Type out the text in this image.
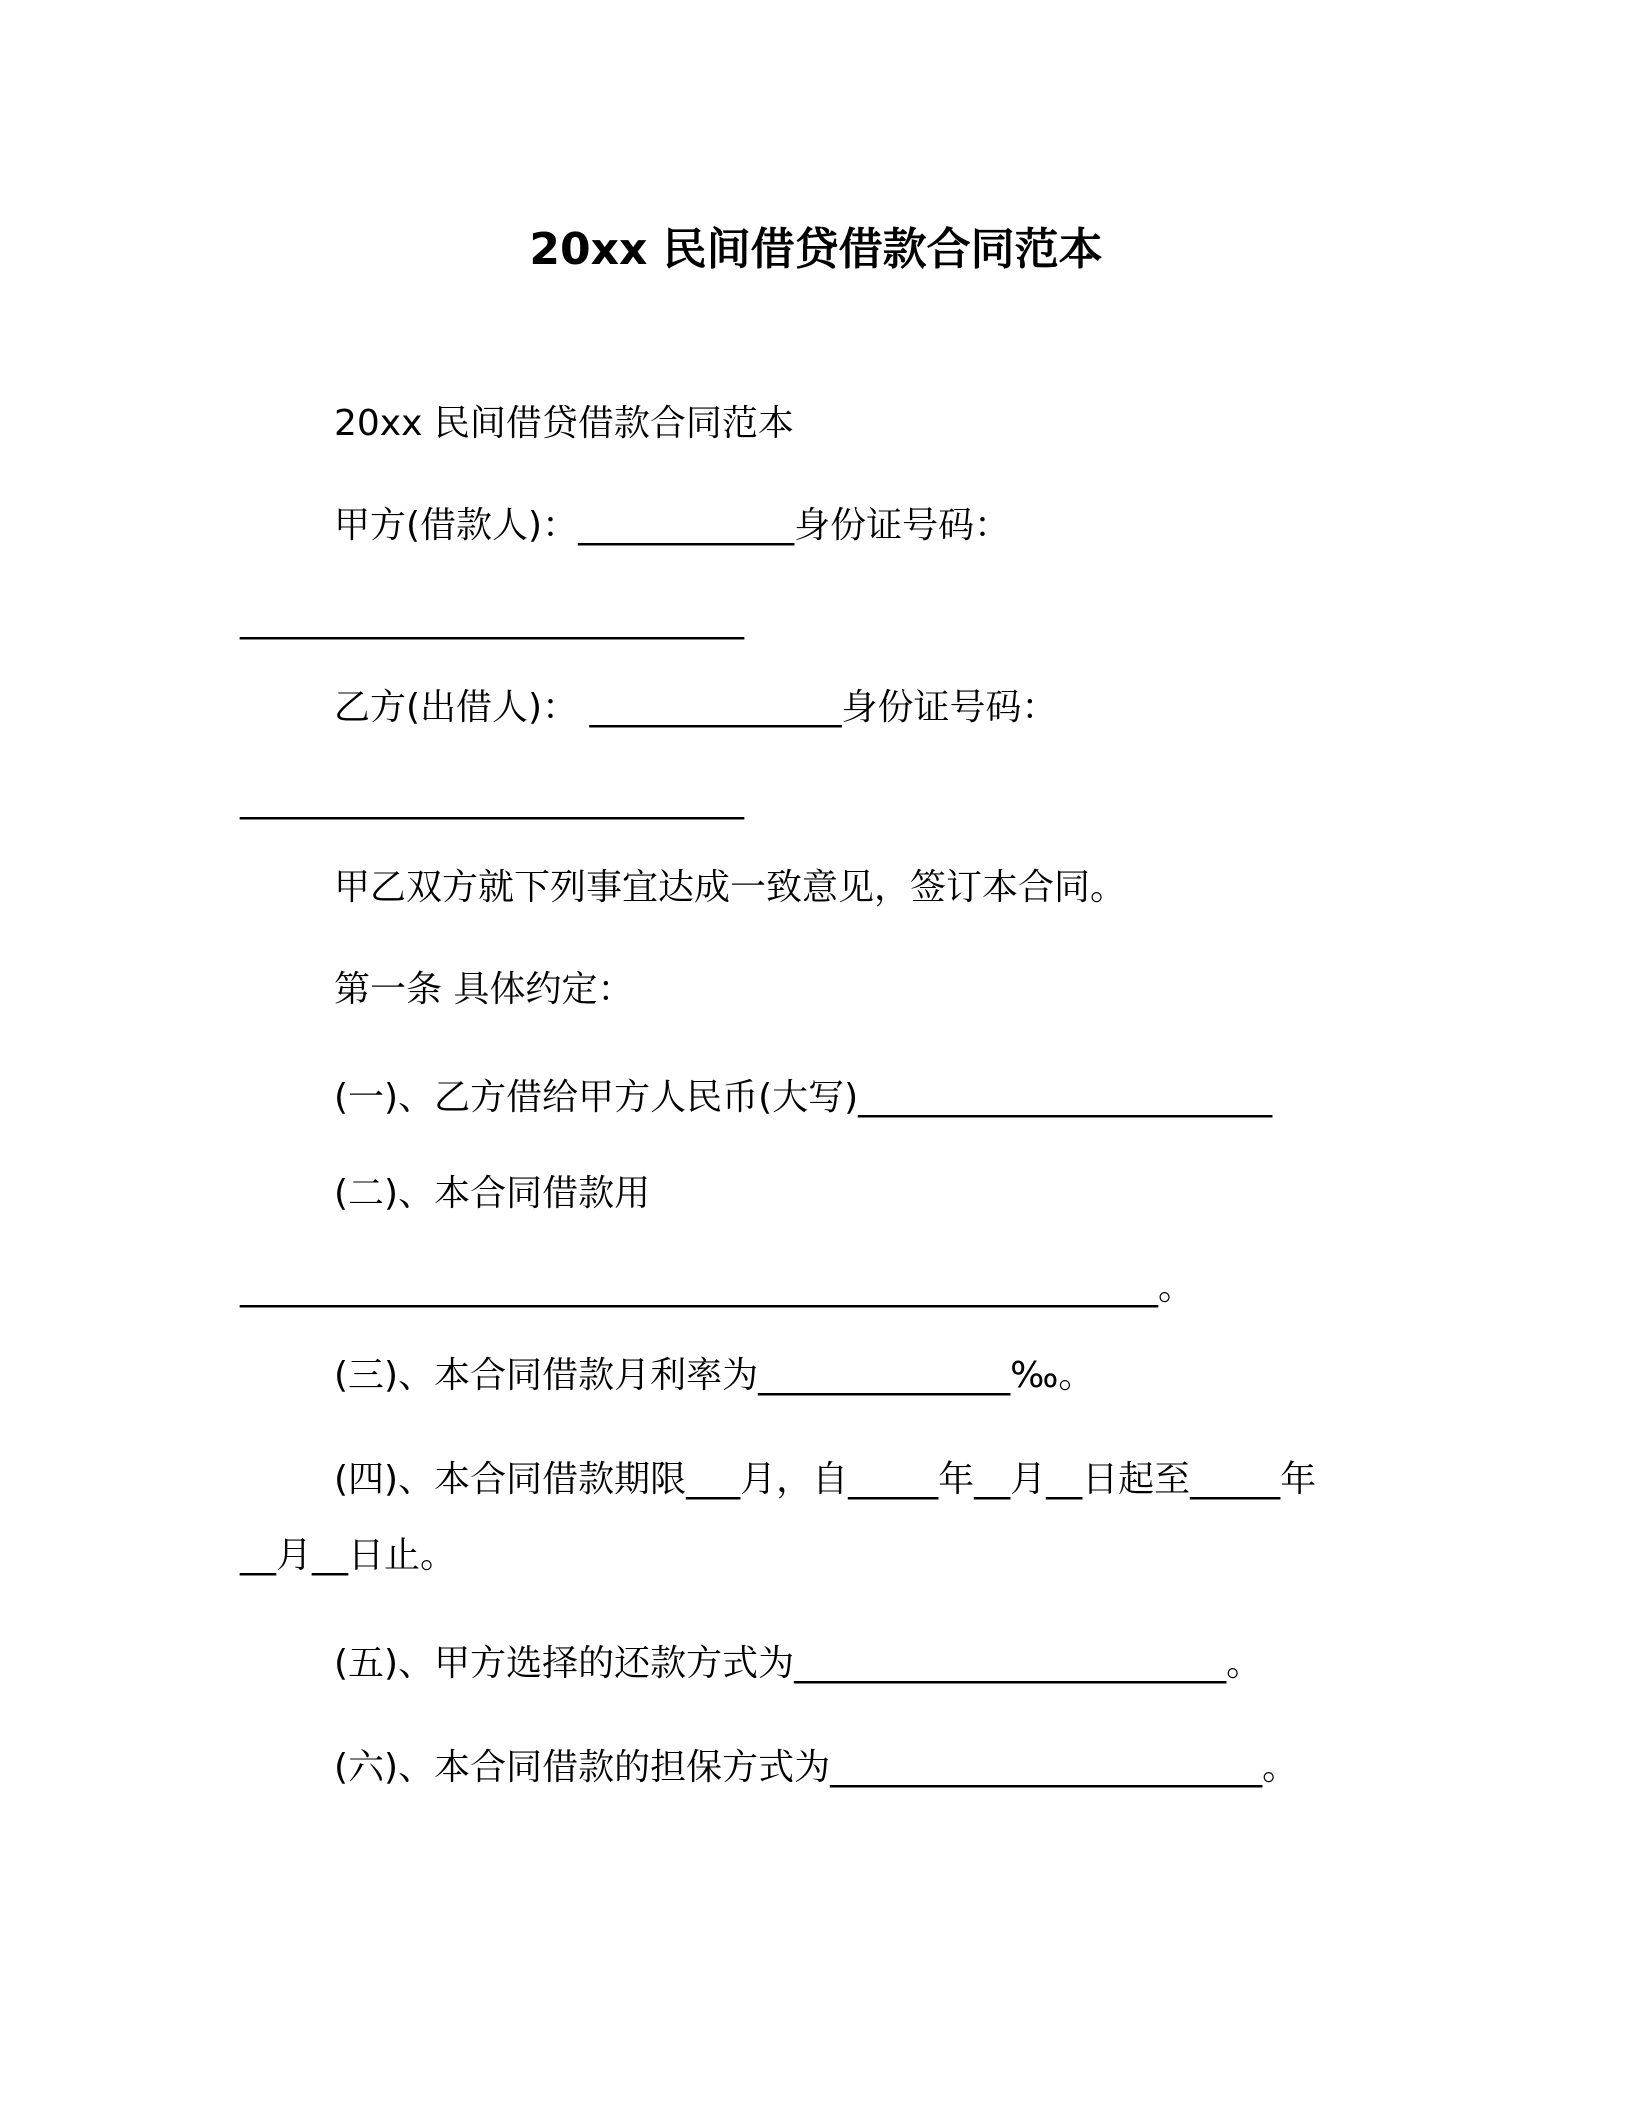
20xx 民间借贷借款合同范本
20xx 民间借贷借款合同范本
甲方(借款人)：____________身份证号码：
____________________________
乙方(出借人)： ______________身份证号码：
____________________________
甲乙双方就下列事宜达成一致意见，签订本合同。
第一条 具体约定：
(一)、乙方借给甲方人民币(大写)_______________________
(二)、本合同借款用
___________________________________________________。
(三)、本合同借款月利率为______________‰。
(四)、本合同借款期限___月，自_____年__月__日起至_____年
__月__日止。
(五)、甲方选择的还款方式为________________________。
(六)、本合同借款的担保方式为________________________。
